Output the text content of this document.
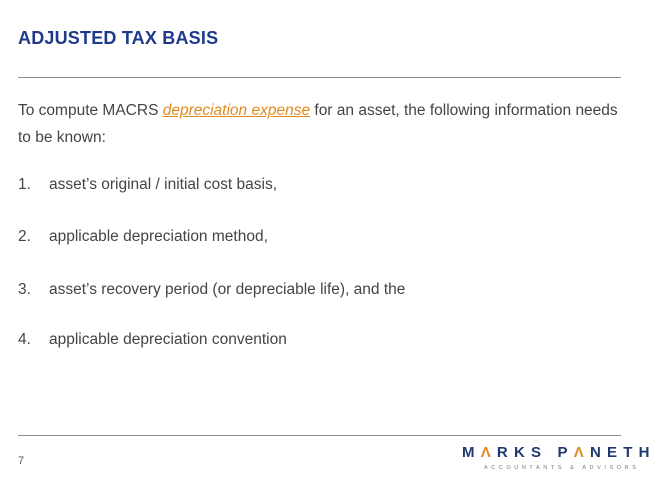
ADJUSTED TAX BASIS
To compute MACRS depreciation expense for an asset, the following information needs to be known:
1. asset’s original / initial cost basis,
2. applicable depreciation method,
3. asset’s recovery period (or depreciable life), and the
4. applicable depreciation convention
7	MΛRKS PΛNETH
ACCOUNTANTS & ADVISORS
